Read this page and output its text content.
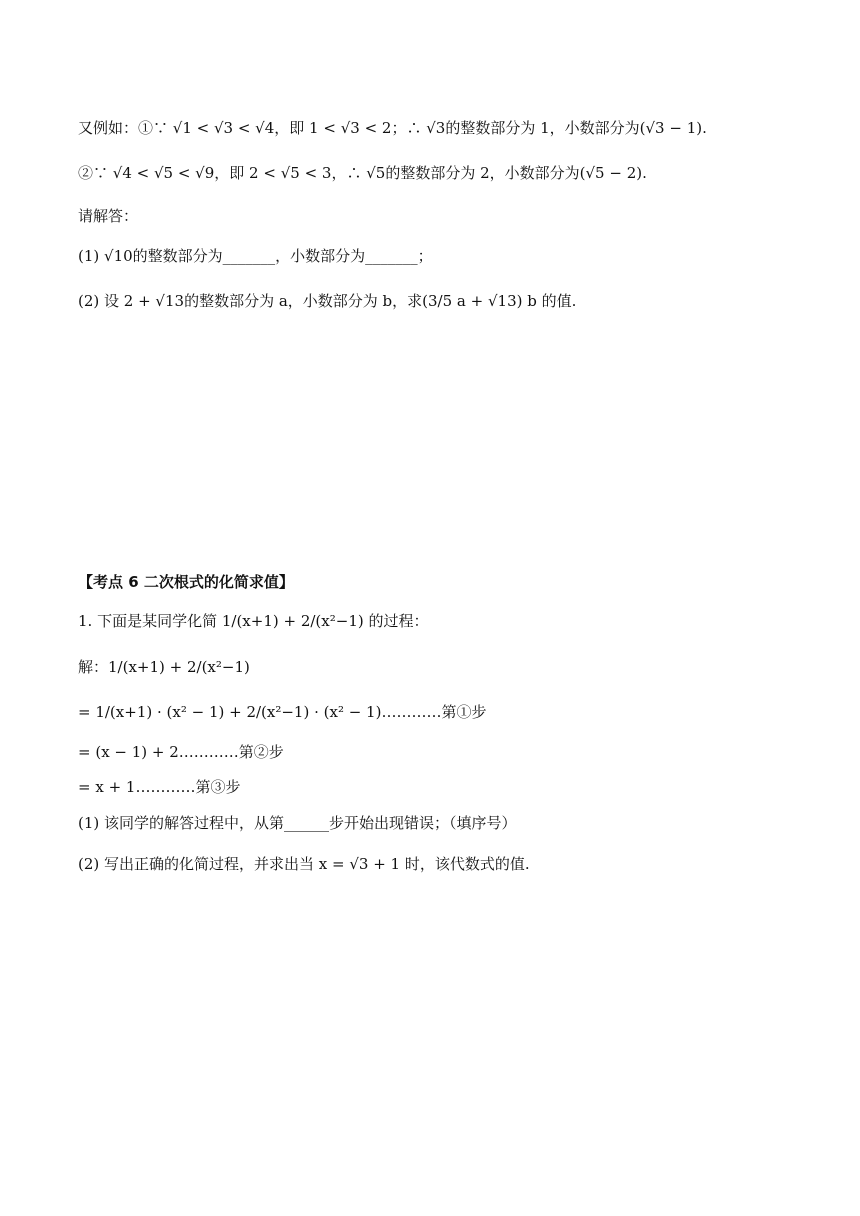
又例如：①∵ √1 < √3 < √4，即 1 < √3 < 2；∴ √3的整数部分为 1，小数部分为(√3 − 1).
②∵ √4 < √5 < √9，即 2 < √5 < 3，∴ √5的整数部分为 2，小数部分为(√5 − 2).
请解答：
(1) √10的整数部分为_______，小数部分为_______；
(2) 设 2 + √13的整数部分为 a，小数部分为 b，求(3/5 a + √13) b 的值.
【考点 6 二次根式的化简求值】
1. 下面是某同学化简 1/(x+1) + 2/(x²−1) 的过程：
解：1/(x+1) + 2/(x²−1)
= 1/(x+1) · (x² − 1) + 2/(x²−1) · (x² − 1)…………第①步
= (x − 1) + 2…………第②步
= x + 1…………第③步
(1) 该同学的解答过程中，从第______步开始出现错误；（填序号）
(2) 写出正确的化简过程，并求出当 x = √3 + 1 时，该代数式的值.
